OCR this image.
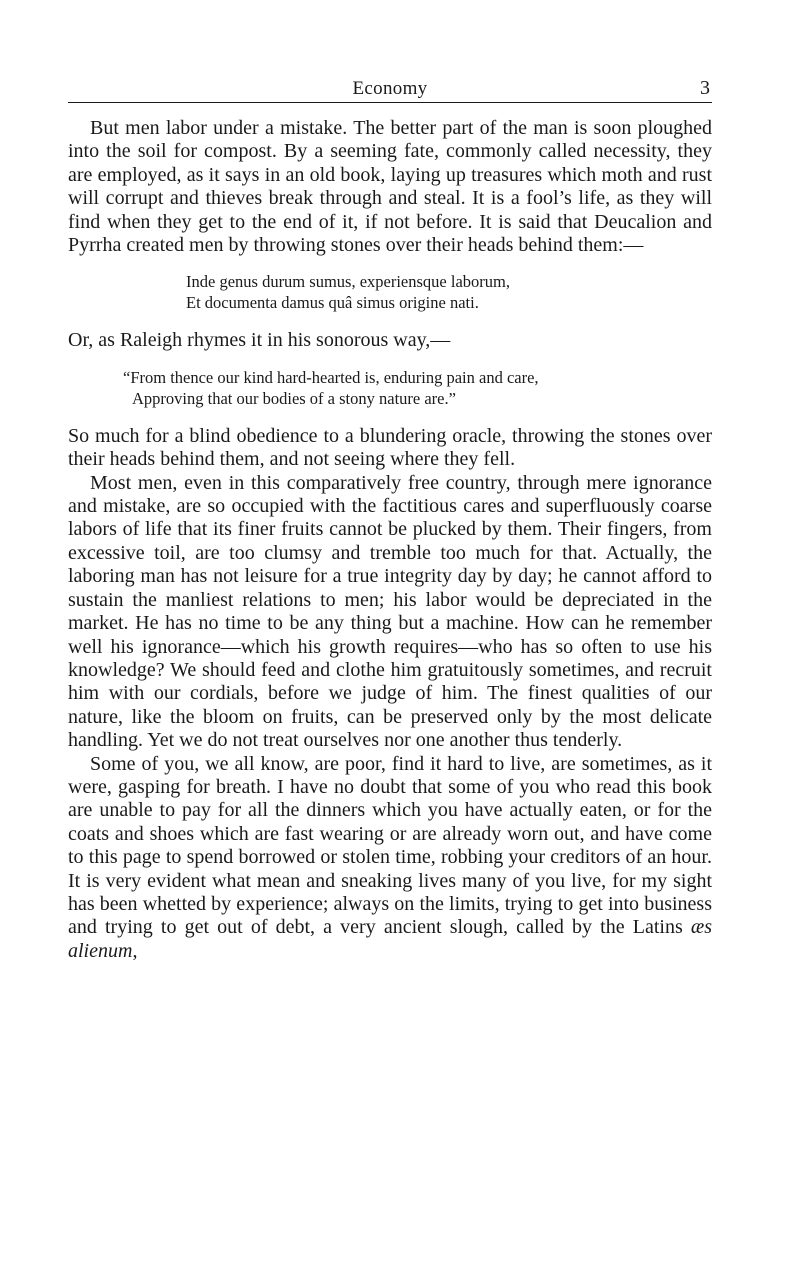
Economy	3

But men labor under a mistake. The better part of the man is soon ploughed into the soil for compost. By a seeming fate, commonly called necessity, they are employed, as it says in an old book, laying up treasures which moth and rust will corrupt and thieves break through and steal. It is a fool’s life, as they will find when they get to the end of it, if not before. It is said that Deucalion and Pyrrha created men by throwing stones over their heads behind them:—

Inde genus durum sumus, experiensque laborum,
Et documenta damus quâ simus origine nati.

Or, as Raleigh rhymes it in his sonorous way,—

“From thence our kind hard-hearted is, enduring pain and care,
Approving that our bodies of a stony nature are.”

So much for a blind obedience to a blundering oracle, throwing the stones over their heads behind them, and not seeing where they fell.

Most men, even in this comparatively free country, through mere ignorance and mistake, are so occupied with the factitious cares and superfluously coarse labors of life that its finer fruits cannot be plucked by them. Their fingers, from excessive toil, are too clumsy and tremble too much for that. Actually, the laboring man has not leisure for a true integrity day by day; he cannot afford to sustain the manliest relations to men; his labor would be depreciated in the market. He has no time to be any thing but a machine. How can he remember well his ignorance—which his growth requires—who has so often to use his knowledge? We should feed and clothe him gratuitously sometimes, and recruit him with our cordials, before we judge of him. The finest qualities of our nature, like the bloom on fruits, can be preserved only by the most delicate handling. Yet we do not treat ourselves nor one another thus tenderly.

Some of you, we all know, are poor, find it hard to live, are sometimes, as it were, gasping for breath. I have no doubt that some of you who read this book are unable to pay for all the dinners which you have actually eaten, or for the coats and shoes which are fast wearing or are already worn out, and have come to this page to spend borrowed or stolen time, robbing your creditors of an hour. It is very evident what mean and sneaking lives many of you live, for my sight has been whetted by experience; always on the limits, trying to get into business and trying to get out of debt, a very ancient slough, called by the Latins æs alienum,
